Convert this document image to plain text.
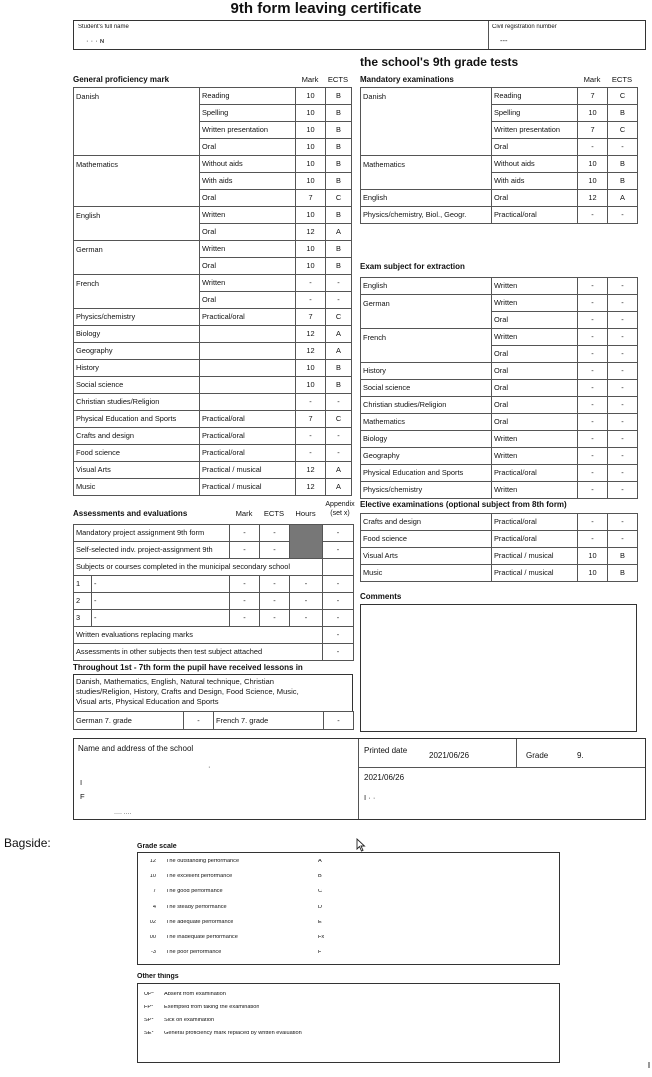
9th form leaving certificate
Student's full name
· · · ɴ
Civil registration number
---
the school's 9th grade tests
General proficiency mark	Mark	ECTS
Danish	Reading	10	B
	Spelling	10	B
	Written presentation	10	B
	Oral	10	B
Mathematics	Without aids	10	B
	With aids	10	B
	Oral	7	C
English	Written	10	B
	Oral	12	A
German	Written	10	B
	Oral	10	B
French	Written	-	-
	Oral	-	-
Physics/chemistry	Practical/oral	7	C
Biology		12	A
Geography		12	A
History		10	B
Social science		10	B
Christian studies/Religion		-	-
Physical Education and Sports	Practical/oral	7	C
Crafts and design	Practical/oral	-	-
Food science	Practical/oral	-	-
Visual Arts	Practical / musical	12	A
Music	Practical / musical	12	A
Mandatory examinations	Mark	ECTS
Danish	Reading	7	C
	Spelling	10	B
	Written presentation	7	C
	Oral	-	-
Mathematics	Without aids	10	B
	With aids	10	B
English	Oral	12	A
Physics/chemistry, Biol., Geogr.	Practical/oral	-	-
Exam subject for extraction
English	Written	-	-
German	Written	-	-
	Oral	-	-
French	Written	-	-
	Oral	-	-
History	Oral	-	-
Social science	Oral	-	-
Christian studies/Religion	Oral	-	-
Mathematics	Oral	-	-
Biology	Written	-	-
Geography	Written	-	-
Physical Education and Sports	Practical/oral	-	-
Physics/chemistry	Written	-	-
Elective examinations (optional subject from 8th form)
Crafts and design	Practical/oral	-	-
Food science	Practical/oral	-	-
Visual Arts	Practical / musical	10	B
Music	Practical / musical	10	B
Comments
Assessments and evaluations	Mark	ECTS	Hours
Appendix (set x)
Mandatory project assignment 9th form		-	-		-
Self-selected indv. project-assignment 9th		-	-		-
Subjects or courses completed in the municipal secondary school					
1	-	-	-	-	-
2	-	-	-	-	-
3	-	-	-	-	-
Written evaluations replacing marks					-
Assessments in other subjects then test subject attached					-
Throughout 1st - 7th form the pupil have received lessons in
Danish, Mathematics, English, Natural technique, Christian
studies/Religion, History, Crafts and Design, Food Science, Music,
Visual arts, Physical Education and Sports
German 7. grade	-	French 7. grade	-
Name and address of the school
·
I
F
···· ····
Printed date
2021/06/26	Grade	9.
2021/06/26
I · ·
Bagside:	Grade scale
12 The outstanding performance	A
10 The excellent performance	B
7 The good performance	C
4 The steady performance	D
02 The adequate performance	E
00 The inadequate performance	Fx
-3 The poor performance	F
Other things
UP* Absent from examination
FP* Exempted from taking the examination
SP* Sick on examination
SE* General proficiency mark replaced by written evaluation
